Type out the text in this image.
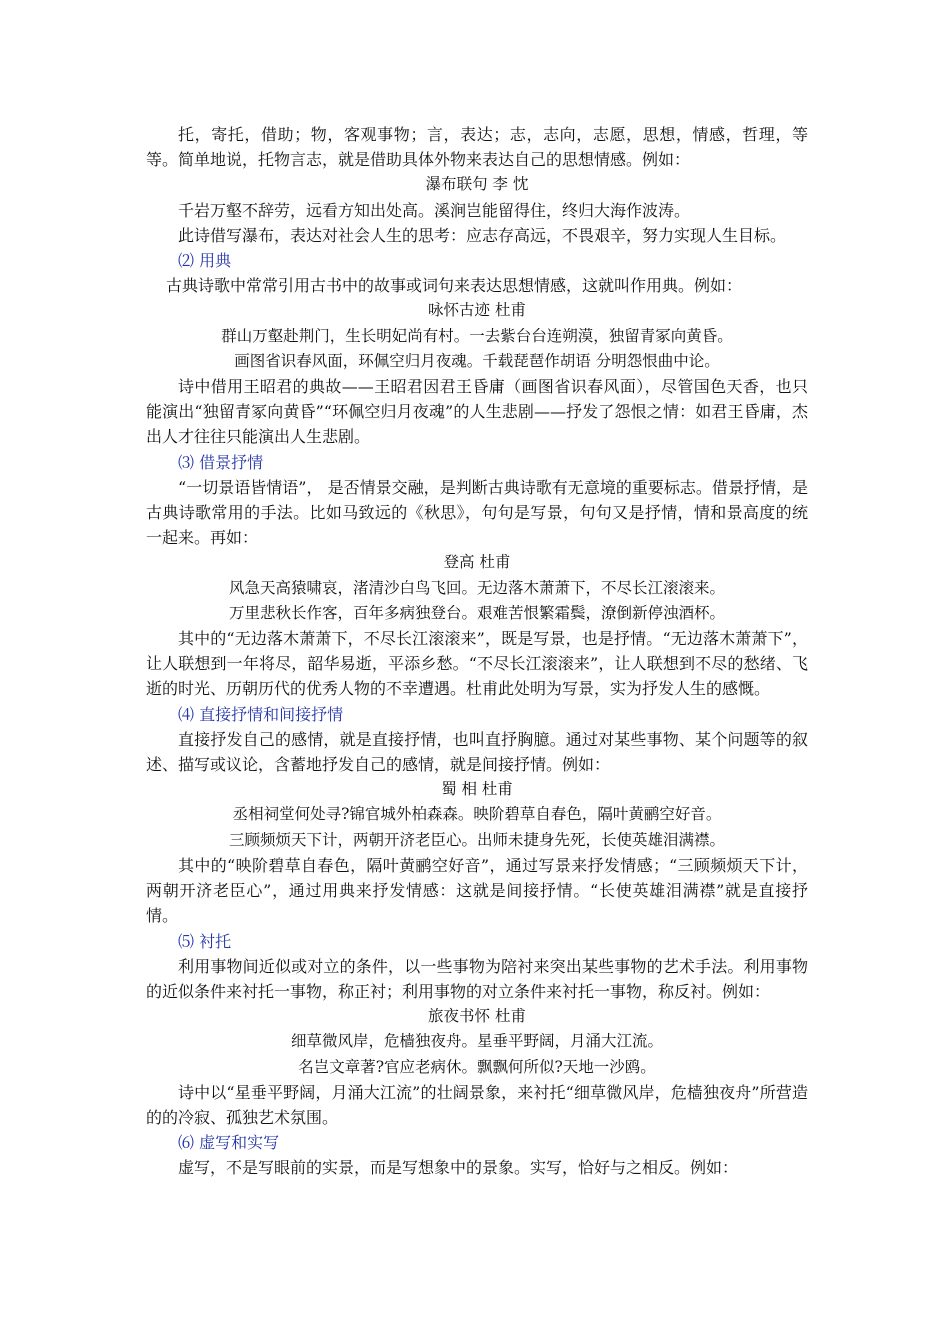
托，寄托，借助；物，客观事物；言，表达；志，志向，志愿，思想，情感，哲理，等等。简单地说，托物言志，就是借助具体外物来表达自己的思想情感。例如：

瀑布联句 李 忱

千岩万壑不辞劳，远看方知出处高。溪涧岂能留得住，终归大海作波涛。

此诗借写瀑布，表达对社会人生的思考：应志存高远，不畏艰辛，努力实现人生目标。

⑵ 用典

古典诗歌中常常引用古书中的故事或词句来表达思想情感，这就叫作用典。例如：

咏怀古迹 杜甫

群山万壑赴荆门，生长明妃尚有村。一去紫台台连朔漠，独留青冢向黄昏。

画图省识春风面，环佩空归月夜魂。千载琵琶作胡语 分明怨恨曲中论。

诗中借用王昭君的典故——王昭君因君王昏庸（画图省识春风面），尽管国色天香，也只能演出“独留青冢向黄昏”“环佩空归月夜魂”的人生悲剧——抒发了怨恨之情：如君王昏庸，杰出人才往往只能演出人生悲剧。

⑶ 借景抒情

“一切景语皆情语”， 是否情景交融，是判断古典诗歌有无意境的重要标志。借景抒情，是古典诗歌常用的手法。比如马致远的《秋思》，句句是写景，句句又是抒情，情和景高度的统一起来。再如：

登高 杜甫

风急天高猿啸哀，渚清沙白鸟飞回。无边落木萧萧下，不尽长江滚滚来。

万里悲秋长作客，百年多病独登台。艰难苦恨繁霜鬓，潦倒新停浊酒杯。

其中的“无边落木萧萧下，不尽长江滚滚来”，既是写景，也是抒情。“无边落木萧萧下”，让人联想到一年将尽，韶华易逝，平添乡愁。“不尽长江滚滚来”，让人联想到不尽的愁绪、飞逝的时光、历朝历代的优秀人物的不幸遭遇。杜甫此处明为写景，实为抒发人生的感慨。

⑷ 直接抒情和间接抒情

直接抒发自己的感情，就是直接抒情，也叫直抒胸臆。通过对某些事物、某个问题等的叙述、描写或议论，含蓄地抒发自己的感情，就是间接抒情。例如：

蜀 相 杜甫

丞相祠堂何处寻?锦官城外柏森森。映阶碧草自春色，隔叶黄鹂空好音。

三顾频烦天下计，两朝开济老臣心。出师未捷身先死，长使英雄泪满襟。

其中的“映阶碧草自春色，隔叶黄鹂空好音”，通过写景来抒发情感；“三顾频烦天下计，两朝开济老臣心”，通过用典来抒发情感：这就是间接抒情。“长使英雄泪满襟”就是直接抒情。

⑸ 衬托

利用事物间近似或对立的条件，以一些事物为陪衬来突出某些事物的艺术手法。利用事物的近似条件来衬托一事物，称正衬；利用事物的对立条件来衬托一事物，称反衬。例如：

旅夜书怀 杜甫

细草微风岸，危樯独夜舟。星垂平野阔，月涌大江流。

名岂文章著?官应老病休。飘飘何所似?天地一沙鸥。

诗中以“星垂平野阔，月涌大江流”的壮阔景象，来衬托“细草微风岸，危樯独夜舟”所营造的的冷寂、孤独艺术氛围。

⑹ 虚写和实写

虚写，不是写眼前的实景，而是写想象中的景象。实写，恰好与之相反。例如：
